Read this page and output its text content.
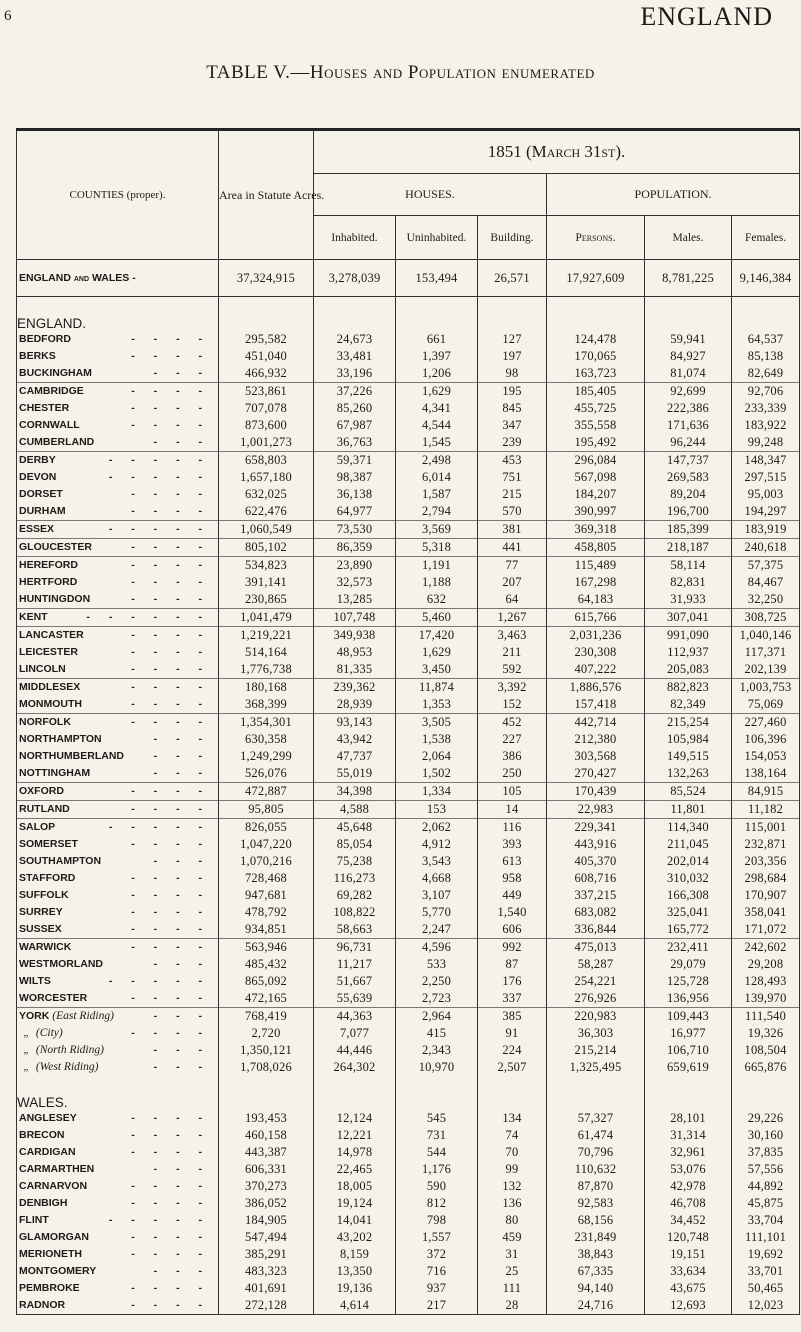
6	ENGLAND
TABLE V.—Houses and Population enumerated
COUNTIES (proper).	Area in Statute Acres.	1851 (March 31st).					
		HOUSES.			POPULATION.		
		Inhabited.	Uninhabited.	Building.	Persons.	Males.	Females.
ENGLAND and WALES -	37,324,915	3,278,039	153,494	26,571	17,927,609	8,781,225	9,146,384
ENGLAND.							
BEDFORD - - - -	295,582	24,673	661	127	124,478	59,941	64,537
BERKS - - - -	451,040	33,481	1,397	197	170,065	84,927	85,138
BUCKINGHAM - - -	466,932	33,196	1,206	98	163,723	81,074	82,649
CAMBRIDGE - - - -	523,861	37,226	1,629	195	185,405	92,699	92,706
CHESTER - - - -	707,078	85,260	4,341	845	455,725	222,386	233,339
CORNWALL - - - -	873,600	67,987	4,544	347	355,558	171,636	183,922
CUMBERLAND - - -	1,001,273	36,763	1,545	239	195,492	96,244	99,248
DERBY - - - - -	658,803	59,371	2,498	453	296,084	147,737	148,347
DEVON - - - - -	1,657,180	98,387	6,014	751	567,098	269,583	297,515
DORSET - - - -	632,025	36,138	1,587	215	184,207	89,204	95,003
DURHAM - - - -	622,476	64,977	2,794	570	390,997	196,700	194,297
ESSEX - - - - -	1,060,549	73,530	3,569	381	369,318	185,399	183,919
GLOUCESTER - - - -	805,102	86,359	5,318	441	458,805	218,187	240,618
HEREFORD - - - -	534,823	23,890	1,191	77	115,489	58,114	57,375
HERTFORD - - - -	391,141	32,573	1,188	207	167,298	82,831	84,467
HUNTINGDON - - - -	230,865	13,285	632	64	64,183	31,933	32,250
KENT - - - - - -	1,041,479	107,748	5,460	1,267	615,766	307,041	308,725
LANCASTER - - - -	1,219,221	349,938	17,420	3,463	2,031,236	991,090	1,040,146
LEICESTER - - - -	514,164	48,953	1,629	211	230,308	112,937	117,371
LINCOLN - - - -	1,776,738	81,335	3,450	592	407,222	205,083	202,139
MIDDLESEX - - - -	180,168	239,362	11,874	3,392	1,886,576	882,823	1,003,753
MONMOUTH - - - -	368,399	28,939	1,353	152	157,418	82,349	75,069
NORFOLK - - - -	1,354,301	93,143	3,505	452	442,714	215,254	227,460
NORTHAMPTON - - -	630,358	43,942	1,538	227	212,380	105,984	106,396
NORTHUMBERLAND - - -	1,249,299	47,737	2,064	386	303,568	149,515	154,053
NOTTINGHAM - - -	526,076	55,019	1,502	250	270,427	132,263	138,164
OXFORD - - - -	472,887	34,398	1,334	105	170,439	85,524	84,915
RUTLAND - - - -	95,805	4,588	153	14	22,983	11,801	11,182
SALOP - - - - -	826,055	45,648	2,062	116	229,341	114,340	115,001
SOMERSET - - - -	1,047,220	85,054	4,912	393	443,916	211,045	232,871
SOUTHAMPTON - - -	1,070,216	75,238	3,543	613	405,370	202,014	203,356
STAFFORD - - - -	728,468	116,273	4,668	958	608,716	310,032	298,684
SUFFOLK - - - -	947,681	69,282	3,107	449	337,215	166,308	170,907
SURREY - - - -	478,792	108,822	5,770	1,540	683,082	325,041	358,041
SUSSEX - - - -	934,851	58,663	2,247	606	336,844	165,772	171,072
WARWICK - - - -	563,946	96,731	4,596	992	475,013	232,411	242,602
WESTMORLAND - - -	485,432	11,217	533	87	58,287	29,079	29,208
WILTS - - - - -	865,092	51,667	2,250	176	254,221	125,728	128,493
WORCESTER - - - -	472,165	55,639	2,723	337	276,926	136,956	139,970
YORK (East Riding) - - -	768,419	44,363	2,964	385	220,983	109,443	111,540
„ (City) - - - -	2,720	7,077	415	91	36,303	16,977	19,326
„ (North Riding) - - -	1,350,121	44,446	2,343	224	215,214	106,710	108,504
„ (West Riding) - - -	1,708,026	264,302	10,970	2,507	1,325,495	659,619	665,876
WALES.							
ANGLESEY - - - -	193,453	12,124	545	134	57,327	28,101	29,226
BRECON - - - -	460,158	12,221	731	74	61,474	31,314	30,160
CARDIGAN - - - -	443,387	14,978	544	70	70,796	32,961	37,835
CARMARTHEN - - -	606,331	22,465	1,176	99	110,632	53,076	57,556
CARNARVON - - - -	370,273	18,005	590	132	87,870	42,978	44,892
DENBIGH - - - -	386,052	19,124	812	136	92,583	46,708	45,875
FLINT - - - - -	184,905	14,041	798	80	68,156	34,452	33,704
GLAMORGAN - - - -	547,494	43,202	1,557	459	231,849	120,748	111,101
MERIONETH - - - -	385,291	8,159	372	31	38,843	19,151	19,692
MONTGOMERY - - -	483,323	13,350	716	25	67,335	33,634	33,701
PEMBROKE - - - -	401,691	19,136	937	111	94,140	43,675	50,465
RADNOR - - - -	272,128	4,614	217	28	24,716	12,693	12,023
